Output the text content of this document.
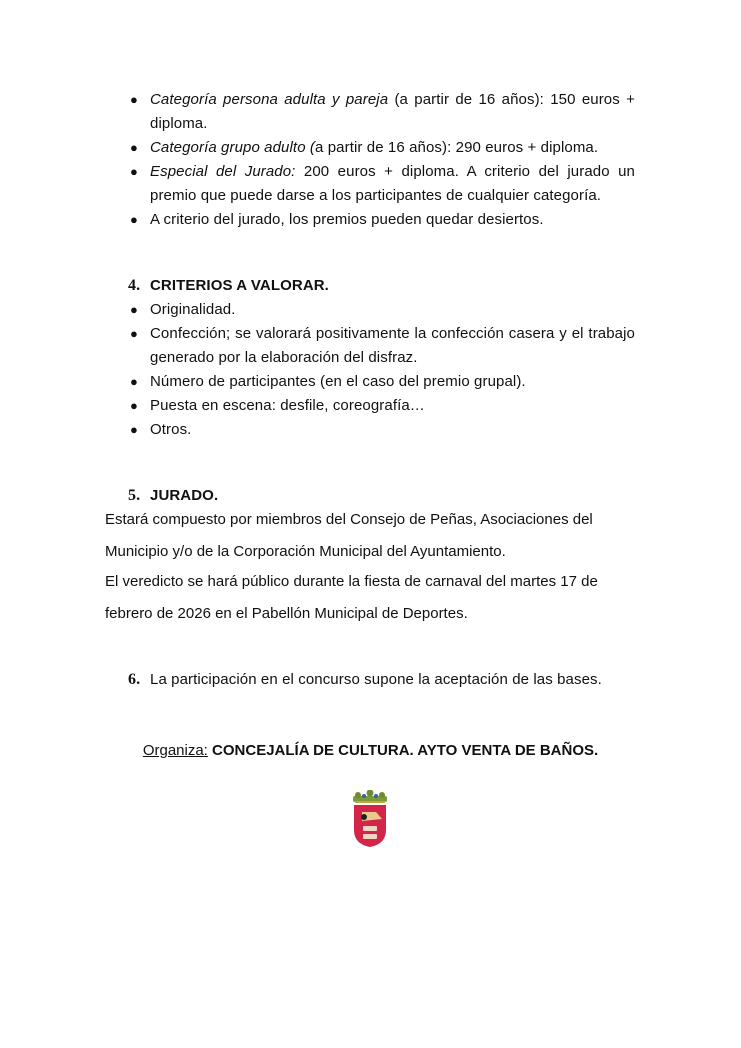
● Categoría persona adulta y pareja (a partir de 16 años): 150 euros + diploma.
● Categoría grupo adulto (a partir de 16 años): 290 euros + diploma.
● Especial del Jurado: 200 euros + diploma. A criterio del jurado un premio que puede darse a los participantes de cualquier categoría.
● A criterio del jurado, los premios pueden quedar desiertos.
4. CRITERIOS A VALORAR.
● Originalidad.
● Confección; se valorará positivamente la confección casera y el trabajo generado por la elaboración del disfraz.
● Número de participantes (en el caso del premio grupal).
● Puesta en escena: desfile, coreografía…
● Otros.
5. JURADO.

Estará compuesto por miembros del Consejo de Peñas, Asociaciones del Municipio y/o de la Corporación Municipal del Ayuntamiento.

El veredicto se hará público durante la fiesta de carnaval del martes 17 de febrero de 2026 en el Pabellón Municipal de Deportes.

6. La participación en el concurso supone la aceptación de las bases.
Organiza: CONCEJALÍA DE CULTURA. AYTO VENTA DE BAÑOS.
